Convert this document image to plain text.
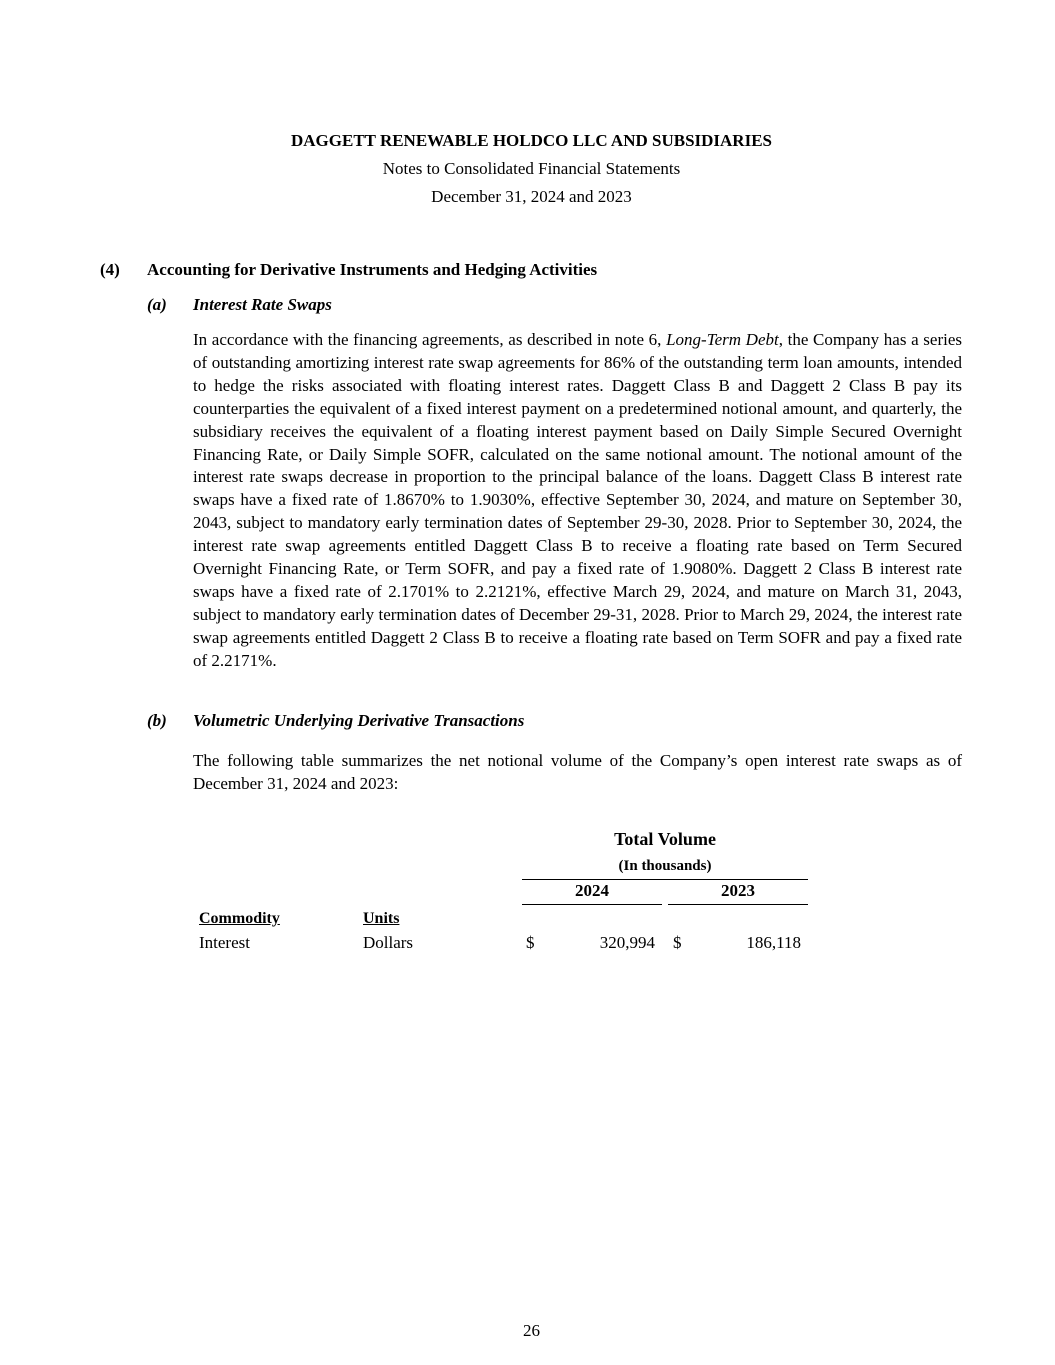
DAGGETT RENEWABLE HOLDCO LLC AND SUBSIDIARIES
Notes to Consolidated Financial Statements
December 31, 2024 and 2023
(4) Accounting for Derivative Instruments and Hedging Activities
(a) Interest Rate Swaps

In accordance with the financing agreements, as described in note 6, Long-Term Debt, the Company has a series of outstanding amortizing interest rate swap agreements for 86% of the outstanding term loan amounts, intended to hedge the risks associated with floating interest rates. Daggett Class B and Daggett 2 Class B pay its counterparties the equivalent of a fixed interest payment on a predetermined notional amount, and quarterly, the subsidiary receives the equivalent of a floating interest payment based on Daily Simple Secured Overnight Financing Rate, or Daily Simple SOFR, calculated on the same notional amount. The notional amount of the interest rate swaps decrease in proportion to the principal balance of the loans. Daggett Class B interest rate swaps have a fixed rate of 1.8670% to 1.9030%, effective September 30, 2024, and mature on September 30, 2043, subject to mandatory early termination dates of September 29-30, 2028. Prior to September 30, 2024, the interest rate swap agreements entitled Daggett Class B to receive a floating rate based on Term Secured Overnight Financing Rate, or Term SOFR, and pay a fixed rate of 1.9080%. Daggett 2 Class B interest rate swaps have a fixed rate of 2.1701% to 2.2121%, effective March 29, 2024, and mature on March 31, 2043, subject to mandatory early termination dates of December 29-31, 2028. Prior to March 29, 2024, the interest rate swap agreements entitled Daggett 2 Class B to receive a floating rate based on Term SOFR and pay a fixed rate of 2.2171%.

(b) Volumetric Underlying Derivative Transactions

The following table summarizes the net notional volume of the Company’s open interest rate swaps as of December 31, 2024 and 2023:

Total Volume
(In thousands)
2024	2023
Commodity	Units
Interest	Dollars	$	320,994 $	186,118
26
